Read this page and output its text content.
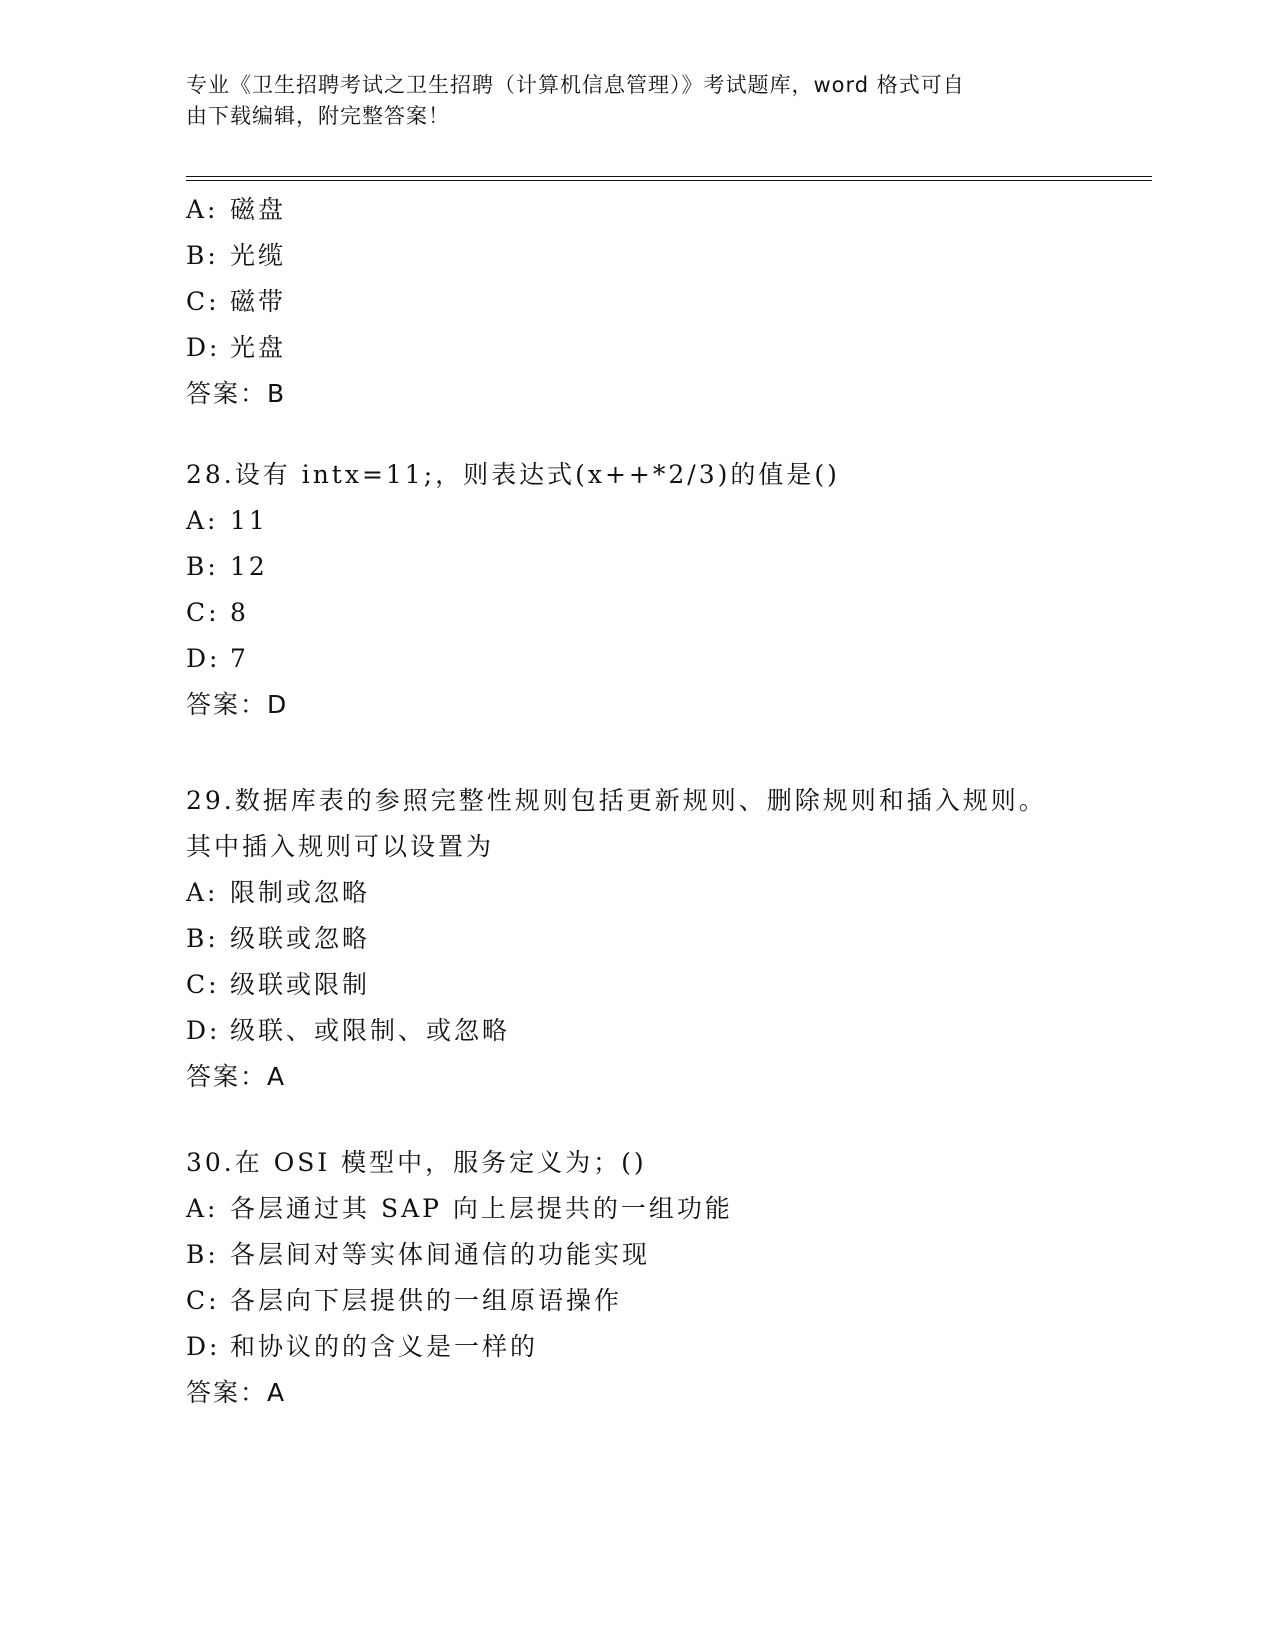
专业《卫生招聘考试之卫生招聘（计算机信息管理）》考试题库，word 格式可自
由下载编辑，附完整答案！
A: 磁盘
B: 光缆
C: 磁带
D: 光盘
答案：B
28.设有 intx=11;，则表达式(x++*2/3)的值是()
A: 11
B: 12
C: 8
D: 7
答案：D
29.数据库表的参照完整性规则包括更新规则、删除规则和插入规则。
其中插入规则可以设置为
A: 限制或忽略
B: 级联或忽略
C: 级联或限制
D: 级联、或限制、或忽略
答案：A
30.在 OSI 模型中，服务定义为；()
A: 各层通过其 SAP 向上层提共的一组功能
B: 各层间对等实体间通信的功能实现
C: 各层向下层提供的一组原语操作
D: 和协议的的含义是一样的
答案：A
